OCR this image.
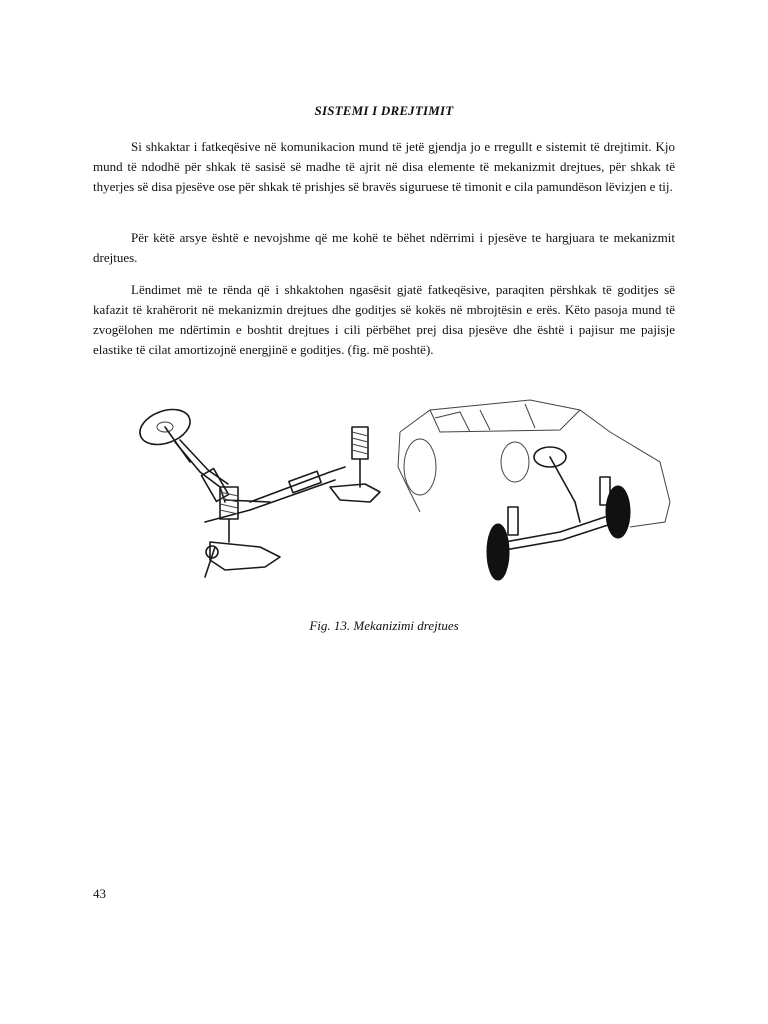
SISTEMI I DREJTIMIT

Si shkaktar i fatkeqësive në komunikacion mund të jetë gjendja jo e rregullt e sistemit të drejtimit. Kjo mund të ndodhë për shkak të sasisë së madhe të ajrit në disa elemente të mekanizmit drejtues, për shkak të thyerjes së disa pjesëve ose për shkak të prishjes së bravës siguruese të timonit e cila pamundëson lëvizjen e tij.

Për këtë arsye është e nevojshme që me kohë te bëhet ndërrimi i pjesëve te hargjuara te mekanizmit drejtues.

Lëndimet më te rënda që i shkaktohen ngasësit gjatë fatkeqësive, paraqiten përshkak të goditjes së kafazit të krahërorit në mekanizmin drejtues dhe goditjes së kokës në mbrojtësin e erës. Këto pasoja mund të zvogëlohen me ndërtimin e boshtit drejtues i cili përbëhet prej disa pjesëve dhe është i pajisur me pajisje elastike të cilat amortizojnë energjinë e goditjes. (fig. më poshtë).

Fig. 13. Mekanizimi drejtues
43
